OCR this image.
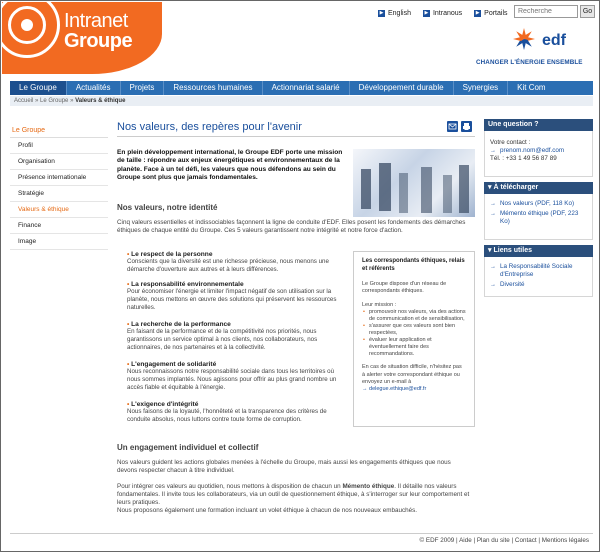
Intranet
Groupe
▶ English	▶ Intranous	▶ Portails
Recherche	Go
edf
CHANGER L'ÉNERGIE ENSEMBLE
Le Groupe	Actualités	Projets	Ressources humaines	Actionnariat salarié	Développement durable	Synergies	Kit Com
Accueil » Le Groupe » Valeurs & éthique
Le Groupe
Profil
Organisation
Présence internationale
Stratégie
Valeurs & éthique
Finance
Image
Nos valeurs, des repères pour l'avenir
En plein développement international, le Groupe EDF porte une mission de taille : répondre aux enjeux énergétiques et environnementaux de la planète. Face à un tel défi, les valeurs que nous défendons au sein du Groupe sont plus que jamais fondamentales.
Nos valeurs, notre identité
Cinq valeurs essentielles et indissociables façonnent la ligne de conduite d'EDF. Elles posent les fondements des démarches éthiques de chaque entité du Groupe. Ces 5 valeurs garantissent notre intégrité et notre force d'action.
• Le respect de la personne
Conscients que la diversité est une richesse précieuse, nous menons une démarche d'ouverture aux autres et à leurs différences.
• La responsabilité environnementale
Pour économiser l'énergie et limiter l'impact négatif de son utilisation sur la planète, nous mettons en œuvre des solutions qui préservent les ressources naturelles.
• La recherche de la performance
En faisant de la performance et de la compétitivité nos priorités, nous garantissons un service optimal à nos clients, nos collaborateurs, nos actionnaires, de nos partenaires et à la collectivité.
• L'engagement de solidarité
Nous reconnaissons notre responsabilité sociale dans tous les territoires où nous sommes implantés. Nous agissons pour offrir au plus grand nombre un accès fiable et équitable à l'énergie.
• L'exigence d'intégrité
Nous faisons de la loyauté, l'honnêteté et la transparence des critères de conduite absolus, nous luttons contre toute forme de corruption.
Les correspondants éthiques, relais et référents
Le Groupe dispose d'un réseau de correspondants éthiques.
Leur mission :
• promouvoir nos valeurs, via des actions de communication et de sensibilisation,
• s'assurer que ces valeurs sont bien respectées,
• évaluer leur application et éventuellement faire des recommandations.
En cas de situation difficile, n'hésitez pas à alerter votre correspondant éthique ou envoyez un e-mail à
→ delegue.ethique@edf.fr
Un engagement individuel et collectif
Nos valeurs guident les actions globales menées à l'échelle du Groupe, mais aussi les engagements éthiques que nous devons respecter chacun à titre individuel.
Pour intégrer ces valeurs au quotidien, nous mettons à disposition de chacun un Mémento éthique. Il détaille nos valeurs fondamentales. Il invite tous les collaborateurs, via un outil de questionnement éthique, à s'interroger sur leur comportement et leurs pratiques.
Nous proposons également une formation incluant un volet éthique à chacun de nos nouveaux embauchés.
Une question ?
Votre contact :
→ prenom.nom@edf.com
Tél. : +33 1 49 56 87 89
▾ À télécharger
→ Nos valeurs (PDF, 118 Ko)
→ Mémento éthique (PDF, 223 Ko)
▾ Liens utiles
→ La Responsabilité Sociale d'Entreprise
→ Diversité
© EDF 2009 | Aide | Plan du site | Contact | Mentions légales
